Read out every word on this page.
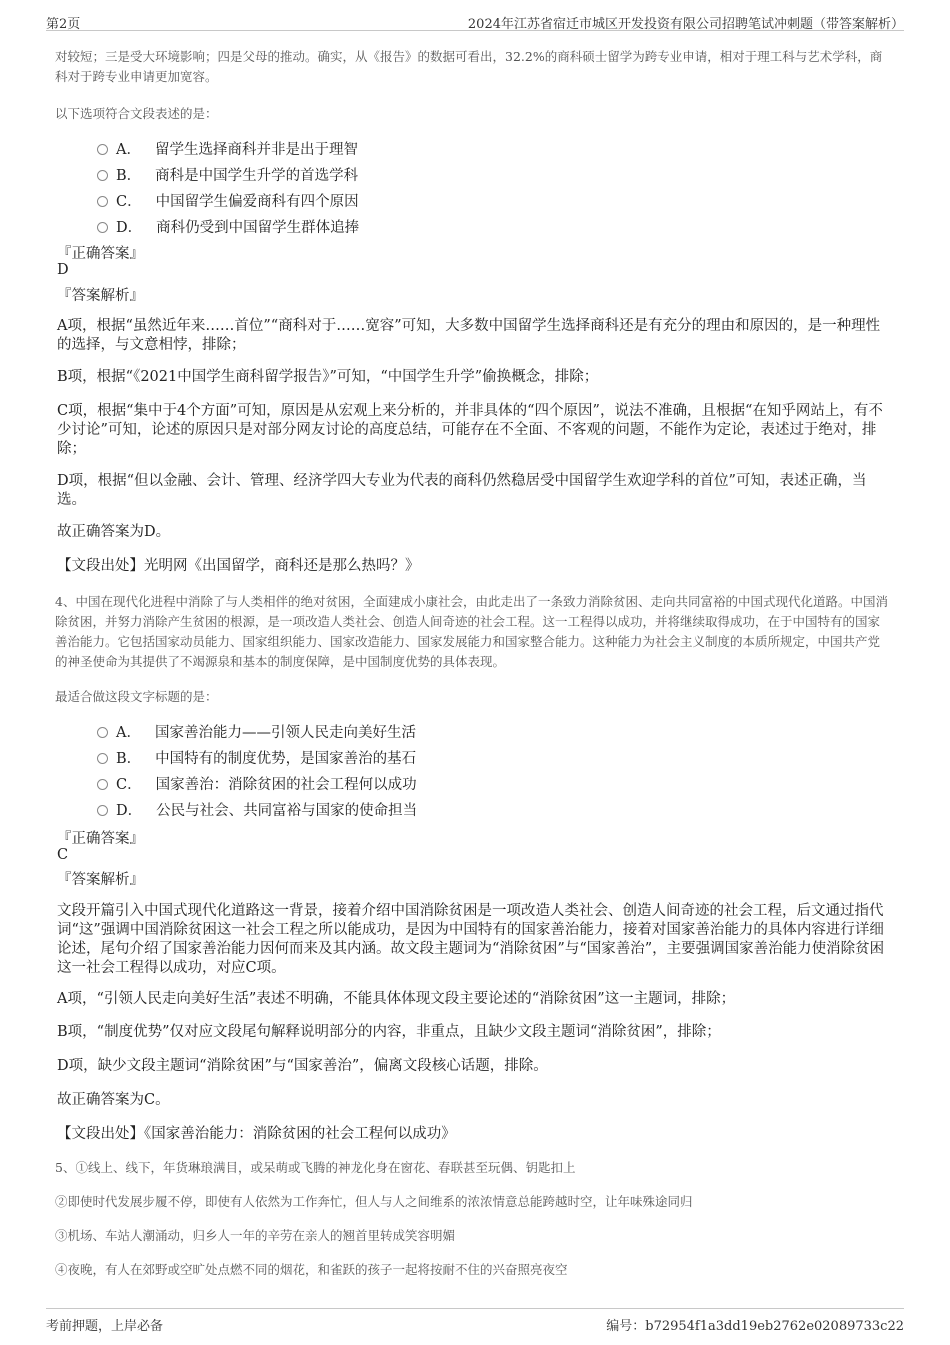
第2页	2024年江苏省宿迁市城区开发投资有限公司招聘笔试冲刺题（带答案解析）
对较短；三是受大环境影响；四是父母的推动。确实，从《报告》的数据可看出，32.2%的商科硕士留学为跨专业申请，相对于理工科与艺术学科，商科对于跨专业申请更加宽容。
以下选项符合文段表述的是：
A． 留学生选择商科并非是出于理智
B． 商科是中国学生升学的首选学科
C． 中国留学生偏爱商科有四个原因
D． 商科仍受到中国留学生群体追捧
『正确答案』
D
『答案解析』
A项，根据“虽然近年来……首位”“商科对于……宽容”可知，大多数中国留学生选择商科还是有充分的理由和原因的，是一种理性的选择，与文意相悖，排除；
B项，根据“《2021中国学生商科留学报告》”可知，“中国学生升学”偷换概念，排除；
C项，根据“集中于4个方面”可知，原因是从宏观上来分析的，并非具体的“四个原因”，说法不准确，且根据“在知乎网站上，有不少讨论”可知，论述的原因只是对部分网友讨论的高度总结，可能存在不全面、不客观的问题，不能作为定论，表述过于绝对，排除；
D项，根据“但以金融、会计、管理、经济学四大专业为代表的商科仍然稳居受中国留学生欢迎学科的首位”可知，表述正确，当选。
故正确答案为D。
【文段出处】光明网《出国留学，商科还是那么热吗？》
4、中国在现代化进程中消除了与人类相伴的绝对贫困，全面建成小康社会，由此走出了一条致力消除贫困、走向共同富裕的中国式现代化道路。中国消除贫困，并努力消除产生贫困的根源，是一项改造人类社会、创造人间奇迹的社会工程。这一工程得以成功，并将继续取得成功，在于中国特有的国家善治能力。它包括国家动员能力、国家组织能力、国家改造能力、国家发展能力和国家整合能力。这种能力为社会主义制度的本质所规定，中国共产党的神圣使命为其提供了不竭源泉和基本的制度保障，是中国制度优势的具体表现。
最适合做这段文字标题的是：
A． 国家善治能力——引领人民走向美好生活
B． 中国特有的制度优势，是国家善治的基石
C． 国家善治：消除贫困的社会工程何以成功
D． 公民与社会、共同富裕与国家的使命担当
『正确答案』
C
『答案解析』
文段开篇引入中国式现代化道路这一背景，接着介绍中国消除贫困是一项改造人类社会、创造人间奇迹的社会工程，后文通过指代词“这”强调中国消除贫困这一社会工程之所以能成功，是因为中国特有的国家善治能力，接着对国家善治能力的具体内容进行详细论述，尾句介绍了国家善治能力因何而来及其内涵。故文段主题词为“消除贫困”与“国家善治”，主要强调国家善治能力使消除贫困这一社会工程得以成功，对应C项。
A项，“引领人民走向美好生活”表述不明确，不能具体体现文段主要论述的“消除贫困”这一主题词，排除；
B项，“制度优势”仅对应文段尾句解释说明部分的内容，非重点，且缺少文段主题词“消除贫困”，排除；
D项，缺少文段主题词“消除贫困”与“国家善治”，偏离文段核心话题，排除。
故正确答案为C。
【文段出处】《国家善治能力：消除贫困的社会工程何以成功》
5、①线上、线下，年货琳琅满目，或呆萌或飞腾的神龙化身在窗花、春联甚至玩偶、钥匙扣上
②即使时代发展步履不停，即使有人依然为工作奔忙，但人与人之间维系的浓浓情意总能跨越时空，让年味殊途同归
③机场、车站人潮涌动，归乡人一年的辛劳在亲人的翘首里转成笑容明媚
④夜晚，有人在郊野或空旷处点燃不同的烟花，和雀跃的孩子一起将按耐不住的兴奋照亮夜空
考前押题，上岸必备	编号：b72954f1a3dd19eb2762e02089733c22
